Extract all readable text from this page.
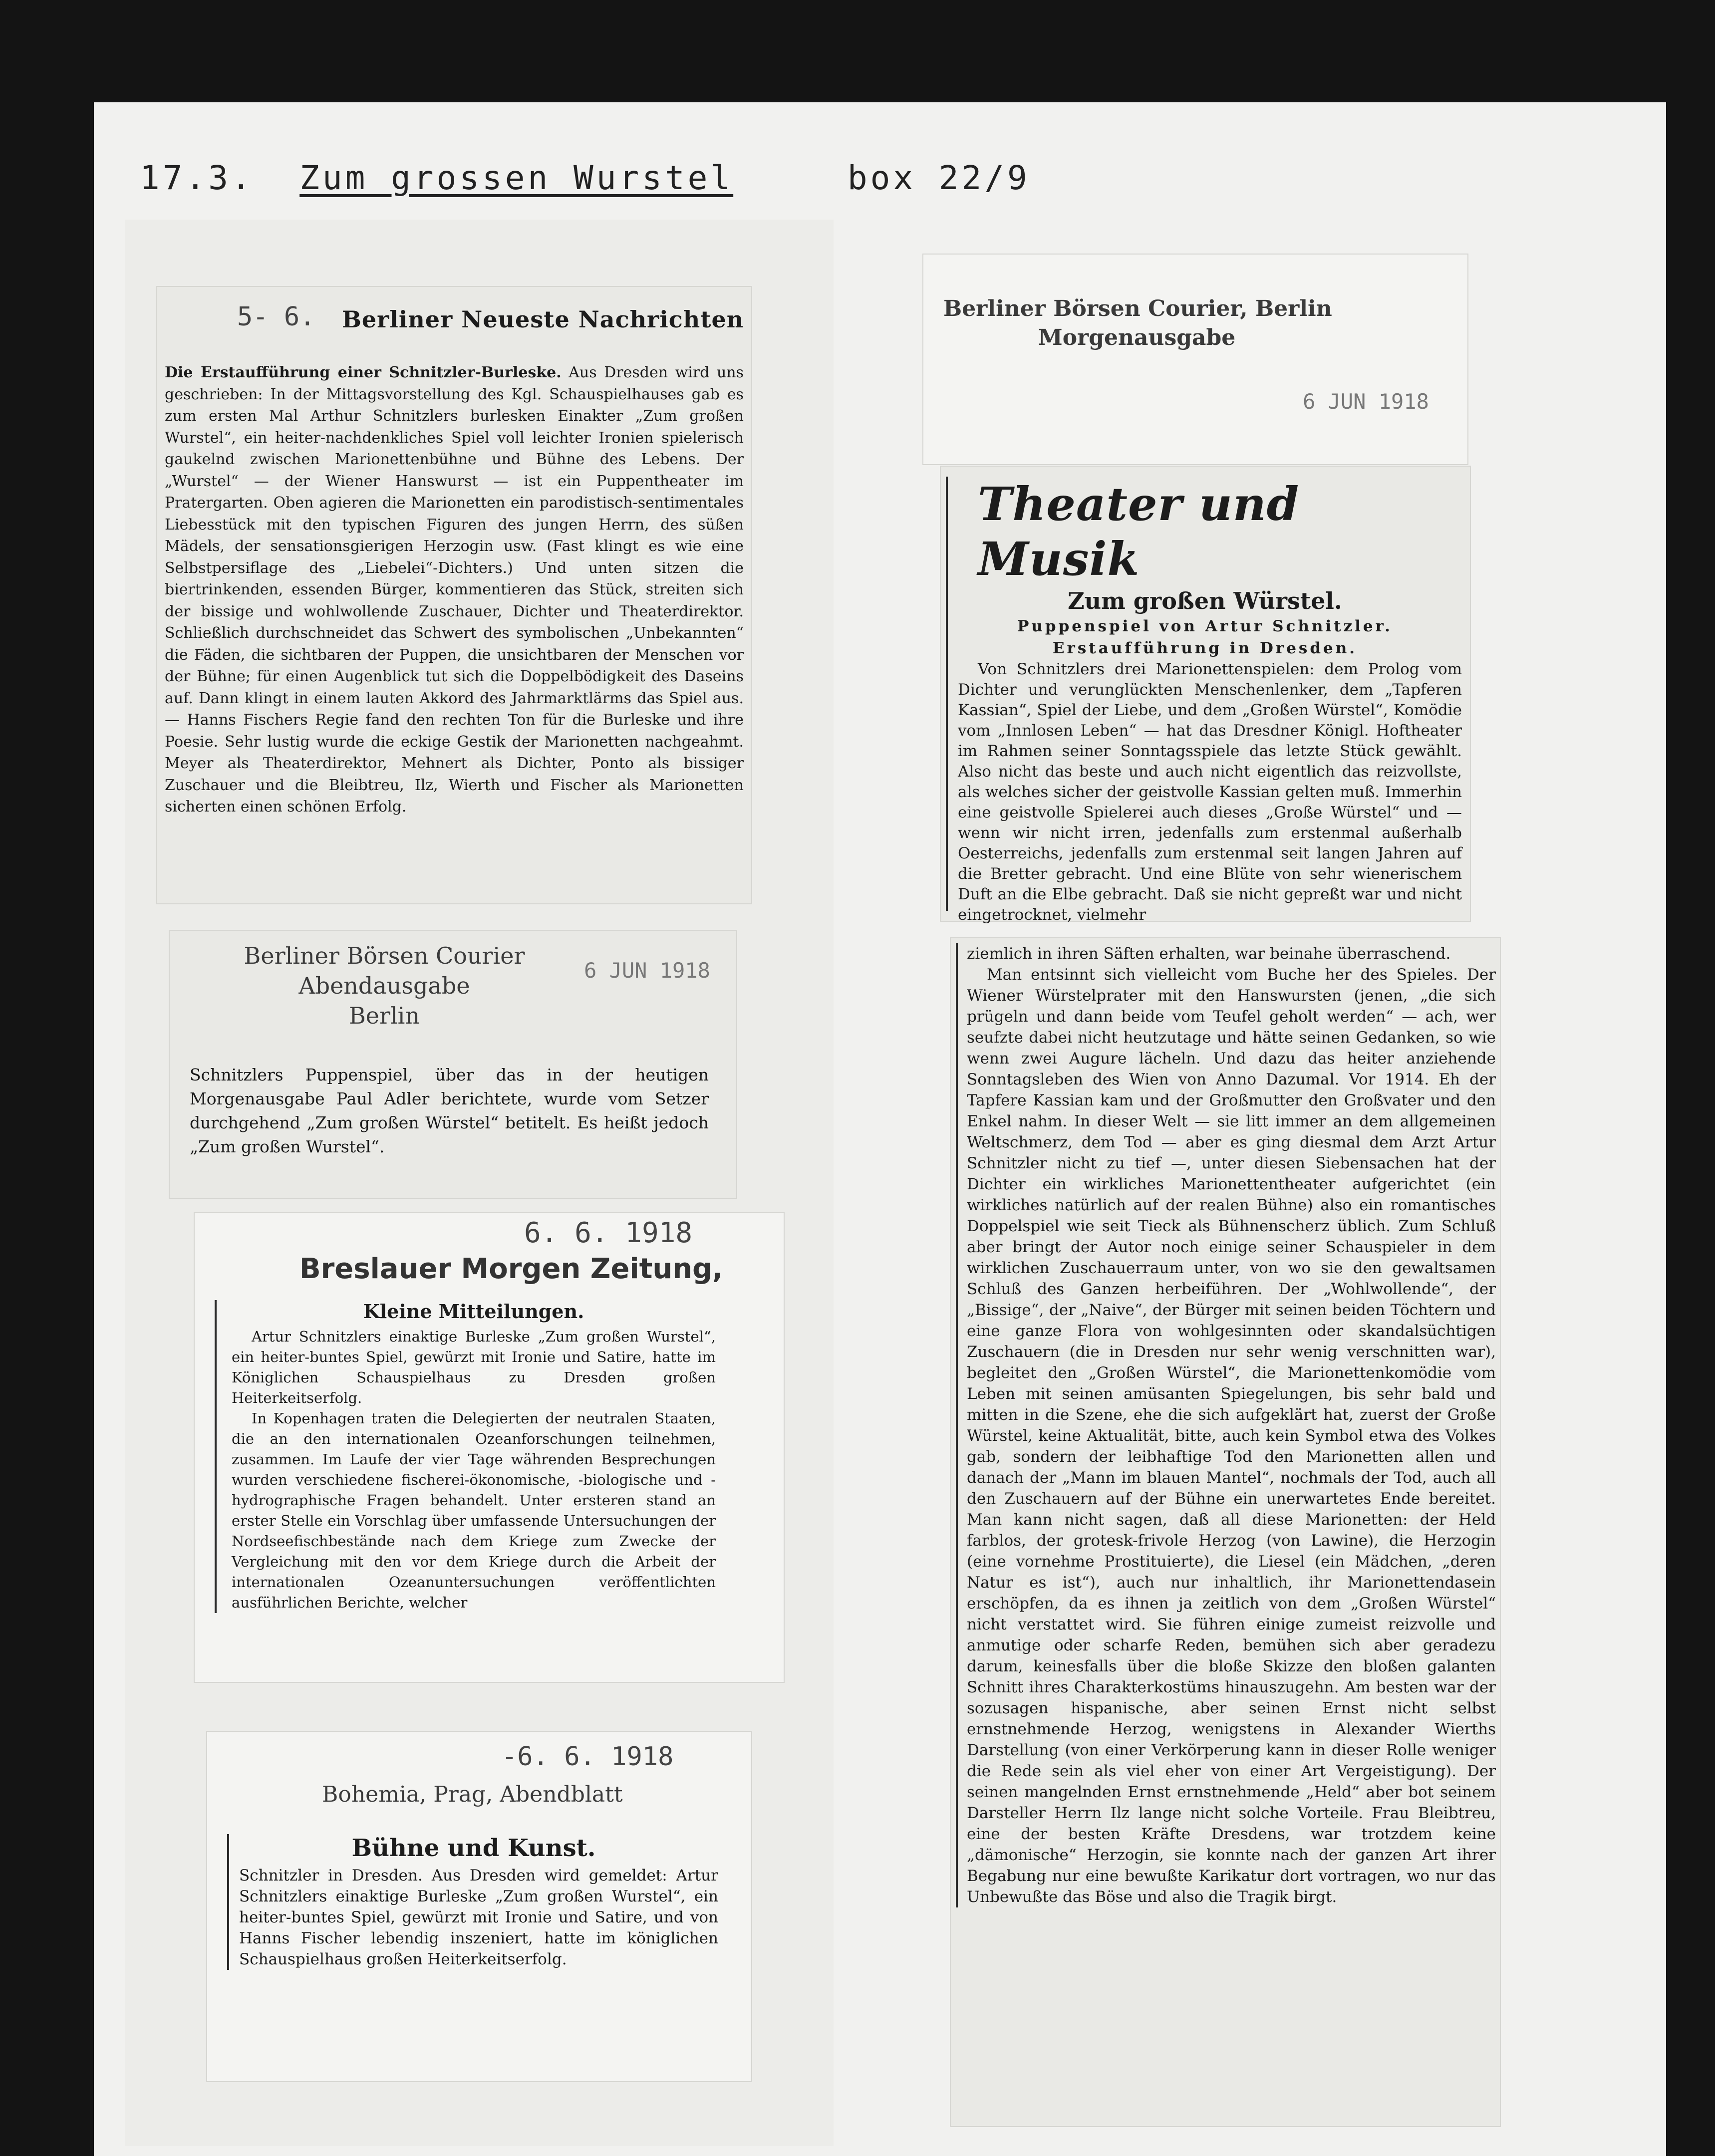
17.3. Zum grossen Wurstel	box 22/9
5- 6. Berliner Neueste Nachrichten

Die Erstaufführung einer Schnitzler-Burleske. Aus Dresden wird uns geschrieben: In der Mittagsvorstellung des Kgl. Schauspielhauses gab es zum ersten Mal Arthur Schnitzlers burlesken Einakter „Zum großen Wurstel“, ein heiter-nachdenkliches Spiel voll leichter Ironien spielerisch gaukelnd zwischen Marionettenbühne und Bühne des Lebens. Der „Wurstel“ — der Wiener Hanswurst — ist ein Puppentheater im Pratergarten. Oben agieren die Marionetten ein parodistisch-sentimentales Liebesstück mit den typischen Figuren des jungen Herrn, des süßen Mädels, der sensationsgierigen Herzogin usw. (Fast klingt es wie eine Selbstpersiflage des „Liebelei“-Dichters.) Und unten sitzen die biertrinkenden, essenden Bürger, kommentieren das Stück, streiten sich der bissige und wohlwollende Zuschauer, Dichter und Theaterdirektor. Schließlich durchschneidet das Schwert des symbolischen „Unbekannten“ die Fäden, die sichtbaren der Puppen, die unsichtbaren der Menschen vor der Bühne; für einen Augenblick tut sich die Doppelbödigkeit des Daseins auf. Dann klingt in einem lauten Akkord des Jahrmarktlärms das Spiel aus. — Hanns Fischers Regie fand den rechten Ton für die Burleske und ihre Poesie. Sehr lustig wurde die eckige Gestik der Marionetten nachgeahmt. Meyer als Theaterdirektor, Mehnert als Dichter, Ponto als bissiger Zuschauer und die Bleibtreu, Ilz, Wierth und Fischer als Marionetten sicherten einen schönen Erfolg.

Berliner Börsen Courier
Abendausgabe
Berlin
6 JUN 1918

Schnitzlers Puppenspiel, über das in der heutigen Morgenausgabe Paul Adler berichtete, wurde vom Setzer durchgehend „Zum großen Würstel“ betitelt. Es heißt jedoch „Zum großen Wurstel“.

6. 6. 1918
Breslauer Morgen Zeitung,
Kleine Mitteilungen.

Artur Schnitzlers einaktige Burleske „Zum großen Wurstel“, ein heiter-buntes Spiel, gewürzt mit Ironie und Satire, hatte im Königlichen Schauspielhaus zu Dresden großen Heiterkeitserfolg.

In Kopenhagen traten die Delegierten der neutralen Staaten, die an den internationalen Ozeanforschungen teilnehmen, zusammen. Im Laufe der vier Tage währenden Besprechungen wurden verschiedene fischerei-ökonomische, -biologische und -hydrographische Fragen behandelt. Unter ersteren stand an erster Stelle ein Vorschlag über umfassende Untersuchungen der Nordseefischbestände nach dem Kriege zum Zwecke der Vergleichung mit den vor dem Kriege durch die Arbeit der internationalen Ozeanuntersuchungen veröffentlichten ausführlichen Berichte, welcher

-6. 6. 1918
Bohemia, Prag, Abendblatt
Bühne und Kunst.

Schnitzler in Dresden. Aus Dresden wird gemeldet: Artur Schnitzlers einaktige Burleske „Zum großen Wurstel“, ein heiter-buntes Spiel, gewürzt mit Ironie und Satire, und von Hanns Fischer lebendig inszeniert, hatte im königlichen Schauspielhaus großen Heiterkeitserfolg.

Berliner Börsen Courier, Berlin
Morgenausgabe
6 JUN 1918
Theater und Musik
Zum großen Würstel.
Puppenspiel von Artur Schnitzler.
Erstaufführung in Dresden.

Von Schnitzlers drei Marionettenspielen: dem Prolog vom Dichter und verunglückten Menschenlenker, dem „Tapferen Kassian“, Spiel der Liebe, und dem „Großen Würstel“, Komödie vom „Innlosen Leben“ — hat das Dresdner Königl. Hoftheater im Rahmen seiner Sonntagsspiele das letzte Stück gewählt. Also nicht das beste und auch nicht eigentlich das reizvollste, als welches sicher der geistvolle Kassian gelten muß. Immerhin eine geistvolle Spielerei auch dieses „Große Würstel“ und — wenn wir nicht irren, jedenfalls zum erstenmal außerhalb Oesterreichs, jedenfalls zum erstenmal seit langen Jahren auf die Bretter gebracht. Und eine Blüte von sehr wienerischem Duft an die Elbe gebracht. Daß sie nicht gepreßt war und nicht eingetrocknet, vielmehr

ziemlich in ihren Säften erhalten, war beinahe überraschend.

Man entsinnt sich vielleicht vom Buche her des Spieles. Der Wiener Würstelprater mit den Hanswursten (jenen, „die sich prügeln und dann beide vom Teufel geholt werden“ — ach, wer seufzte dabei nicht heutzutage und hätte seinen Gedanken, so wie wenn zwei Augure lächeln. Und dazu das heiter anziehende Sonntagsleben des Wien von Anno Dazumal. Vor 1914. Eh der Tapfere Kassian kam und der Großmutter den Großvater und den Enkel nahm. In dieser Welt — sie litt immer an dem allgemeinen Weltschmerz, dem Tod — aber es ging diesmal dem Arzt Artur Schnitzler nicht zu tief —, unter diesen Siebensachen hat der Dichter ein wirkliches Marionettentheater aufgerichtet (ein wirkliches natürlich auf der realen Bühne) also ein romantisches Doppelspiel wie seit Tieck als Bühnenscherz üblich. Zum Schluß aber bringt der Autor noch einige seiner Schauspieler in dem wirklichen Zuschauerraum unter, von wo sie den gewaltsamen Schluß des Ganzen herbeiführen. Der „Wohlwollende“, der „Bissige“, der „Naive“, der Bürger mit seinen beiden Töchtern und eine ganze Flora von wohlgesinnten oder skandalsüchtigen Zuschauern (die in Dresden nur sehr wenig verschnitten war), begleitet den „Großen Würstel“, die Marionettenkomödie vom Leben mit seinen amüsanten Spiegelungen, bis sehr bald und mitten in die Szene, ehe die sich aufgeklärt hat, zuerst der Große Würstel, keine Aktualität, bitte, auch kein Symbol etwa des Volkes gab, sondern der leibhaftige Tod den Marionetten allen und danach der „Mann im blauen Mantel“, nochmals der Tod, auch all den Zuschauern auf der Bühne ein unerwartetes Ende bereitet. Man kann nicht sagen, daß all diese Marionetten: der Held farblos, der grotesk-frivole Herzog (von Lawine), die Herzogin (eine vornehme Prostituierte), die Liesel (ein Mädchen, „deren Natur es ist“), auch nur inhaltlich, ihr Marionettendasein erschöpfen, da es ihnen ja zeitlich von dem „Großen Würstel“ nicht verstattet wird. Sie führen einige zumeist reizvolle und anmutige oder scharfe Reden, bemühen sich aber geradezu darum, keinesfalls über die bloße Skizze den bloßen galanten Schnitt ihres Charakterkostüms hinauszugehn. Am besten war der sozusagen hispanische, aber seinen Ernst nicht selbst ernstnehmende Herzog, wenigstens in Alexander Wierths Darstellung (von einer Verkörperung kann in dieser Rolle weniger die Rede sein als viel eher von einer Art Vergeistigung). Der seinen mangelnden Ernst ernstnehmende „Held“ aber bot seinem Darsteller Herrn Ilz lange nicht solche Vorteile. Frau Bleibtreu, eine der besten Kräfte Dresdens, war trotzdem keine „dämonische“ Herzogin, sie konnte nach der ganzen Art ihrer Begabung nur eine bewußte Karikatur dort vortragen, wo nur das Unbewußte das Böse und also die Tragik birgt.
